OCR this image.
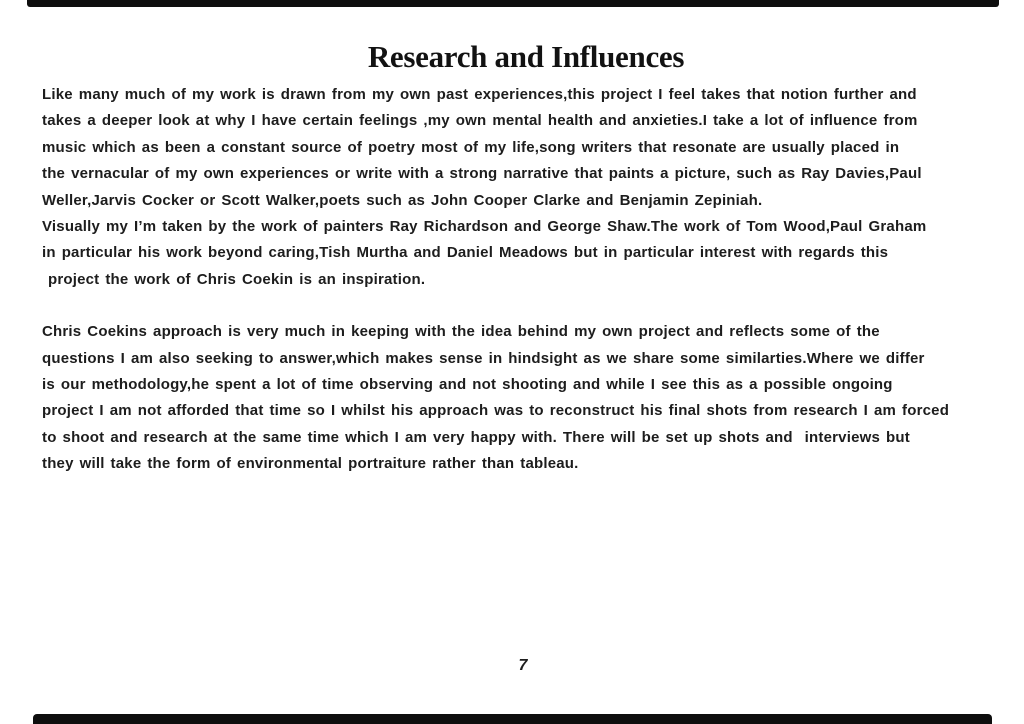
Research and Influences
Like many much of my work is drawn from my own past experiences,this project I feel takes that notion further and
takes a deeper look at why I have certain feelings ,my own mental health and anxieties.I take a lot of influence from
music which as been a constant source of poetry most of my life,song writers that resonate are usually placed in
the vernacular of my own experiences or write with a strong narrative that paints a picture, such as Ray Davies,Paul
Weller,Jarvis Cocker or Scott Walker,poets such as John Cooper Clarke and Benjamin Zepiniah.
Visually my I’m taken by the work of painters Ray Richardson and George Shaw.The work of Tom Wood,Paul Graham
in particular his work beyond caring,Tish Murtha and Daniel Meadows but in particular interest with regards this
project the work of Chris Coekin is an inspiration.
Chris Coekins approach is very much in keeping with the idea behind my own project and reflects some of the
questions I am also seeking to answer,which makes sense in hindsight as we share some similarties.Where we differ
is our methodology,he spent a lot of time observing and not shooting and while I see this as a possible ongoing
project I am not afforded that time so I whilst his approach was to reconstruct his final shots from research I am forced
to shoot and research at the same time which I am very happy with. There will be set up shots and  interviews but
they will take the form of environmental portraiture rather than tableau.
7
